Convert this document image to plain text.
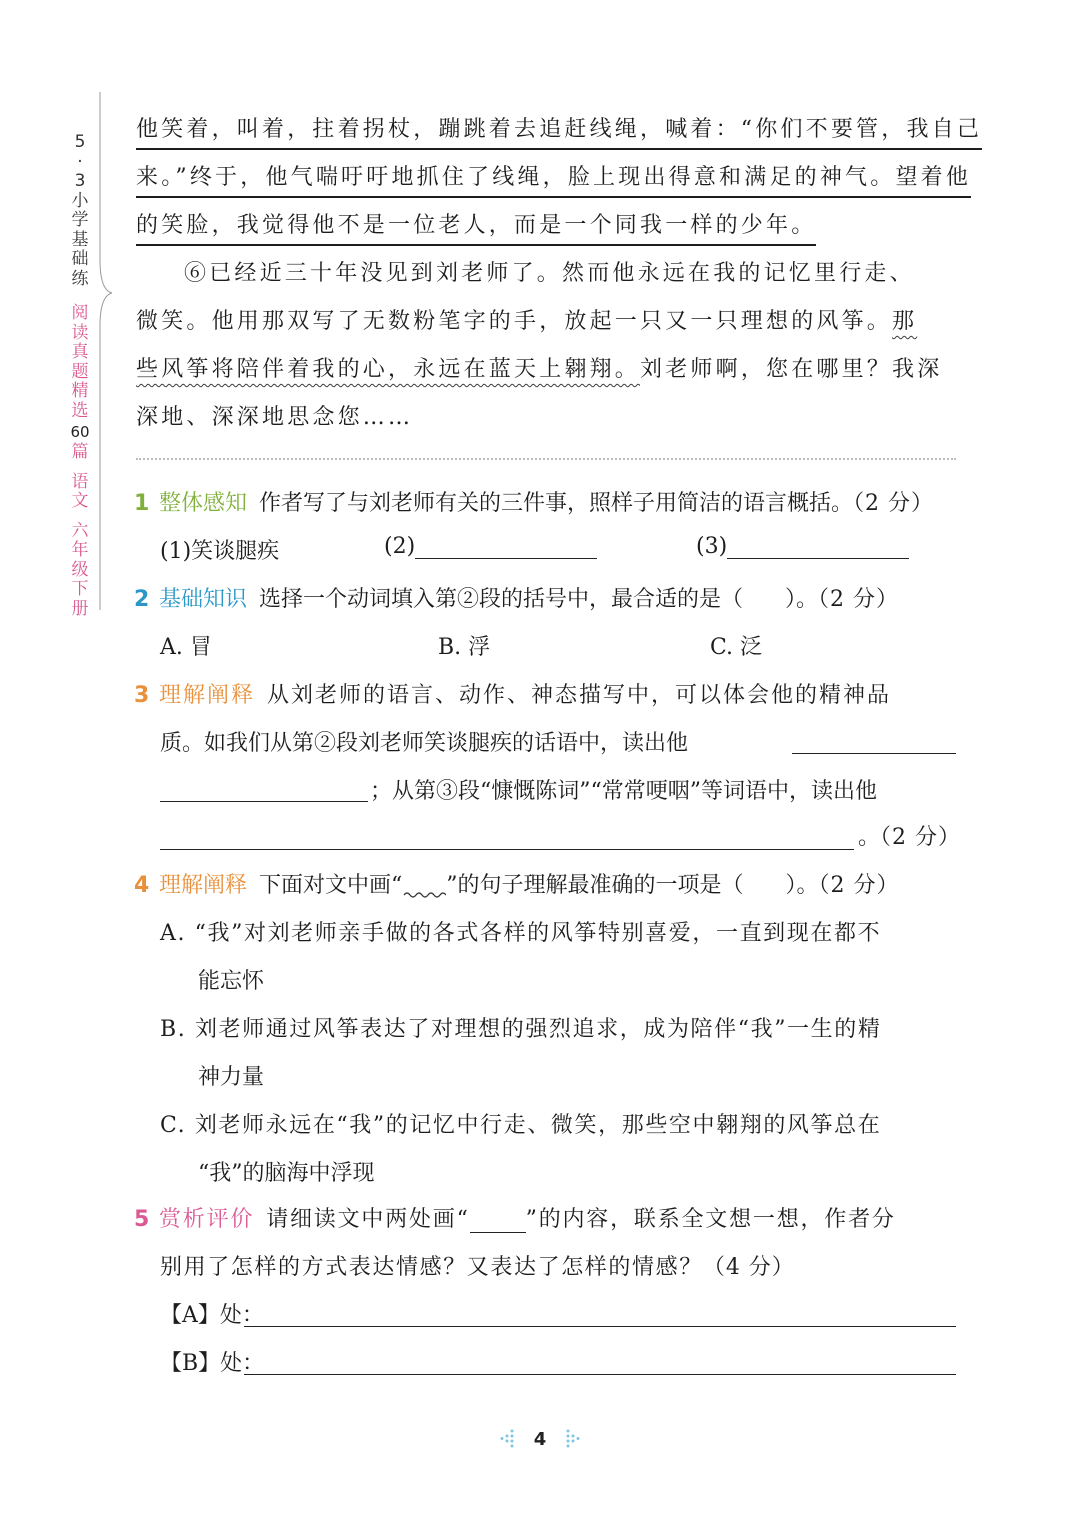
5
·
3
小
学
基
础
练
阅
读
真
题
精
选
60
篇
语
文
六
年
级
下
册
他笑着，叫着，拄着拐杖，蹦跳着去追赶线绳，喊着：“你们不要管，我自己
来。”终于，他气喘吁吁地抓住了线绳，脸上现出得意和满足的神气。望着他
的笑脸，我觉得他不是一位老人，而是一个同我一样的少年。
⑥已经近三十年没见到刘老师了。然而他永远在我的记忆里行走、
微笑。他用那双写了无数粉笔字的手，放起一只又一只理想的风筝。那
些风筝将陪伴着我的心，永远在蓝天上翱翔。刘老师啊，您在哪里？我深
深地、深深地思念您……
1 整体感知 作者写了与刘老师有关的三件事，照样子用简洁的语言概括。（2 分）
(1)笑谈腿疾	(2)	(3)
2 基础知识 选择一个动词填入第②段的括号中，最合适的是（ ）。（2 分）
A. 冒	B. 浮	C. 泛
3 理解阐释 从刘老师的语言、动作、神态描写中，可以体会他的精神品
质。如我们从第②段刘老师笑谈腿疾的话语中，读出他
；从第③段“慷慨陈词”“常常哽咽”等词语中，读出他
。（2 分）
4 理解阐释 下面对文中画“ ”的句子理解最准确的一项是（ ）。（2 分）
A. “我”对刘老师亲手做的各式各样的风筝特别喜爱，一直到现在都不
能忘怀
B. 刘老师通过风筝表达了对理想的强烈追求，成为陪伴“我”一生的精
神力量
C. 刘老师永远在“我”的记忆中行走、微笑，那些空中翱翔的风筝总在
“我”的脑海中浮现
5 赏析评价 请细读文中两处画“	”的内容，联系全文想一想，作者分
别用了怎样的方式表达情感？又表达了怎样的情感？（4 分）
【A】处：
【B】处：
4
